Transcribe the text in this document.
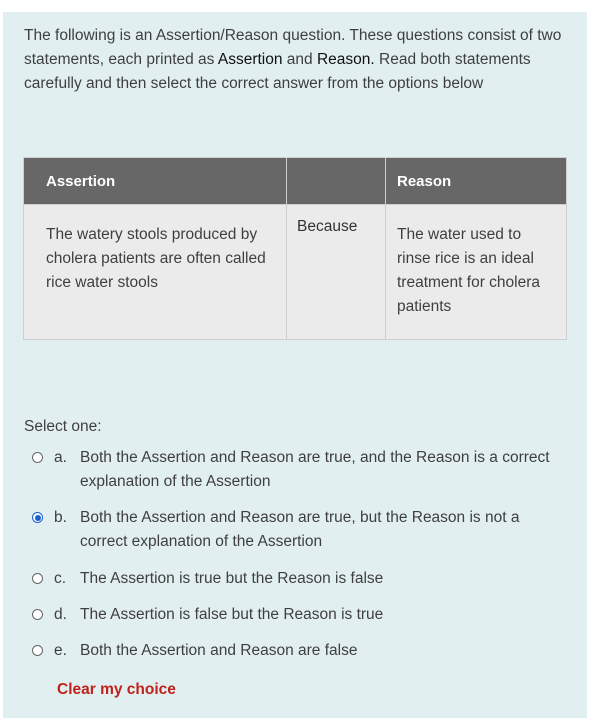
The following is an Assertion/Reason question. These questions consist of two statements, each printed as Assertion and Reason. Read both statements carefully and then select the correct answer from the options below
Assertion		Reason
The watery stools produced by cholera patients are often called rice water stools	Because	The water used to rinse rice is an ideal treatment for cholera patients
Select one:
a. Both the Assertion and Reason are true, and the Reason is a correct explanation of the Assertion
b. Both the Assertion and Reason are true, but the Reason is not a correct explanation of the Assertion
c. The Assertion is true but the Reason is false
d. The Assertion is false but the Reason is true
e. Both the Assertion and Reason are false
Clear my choice
